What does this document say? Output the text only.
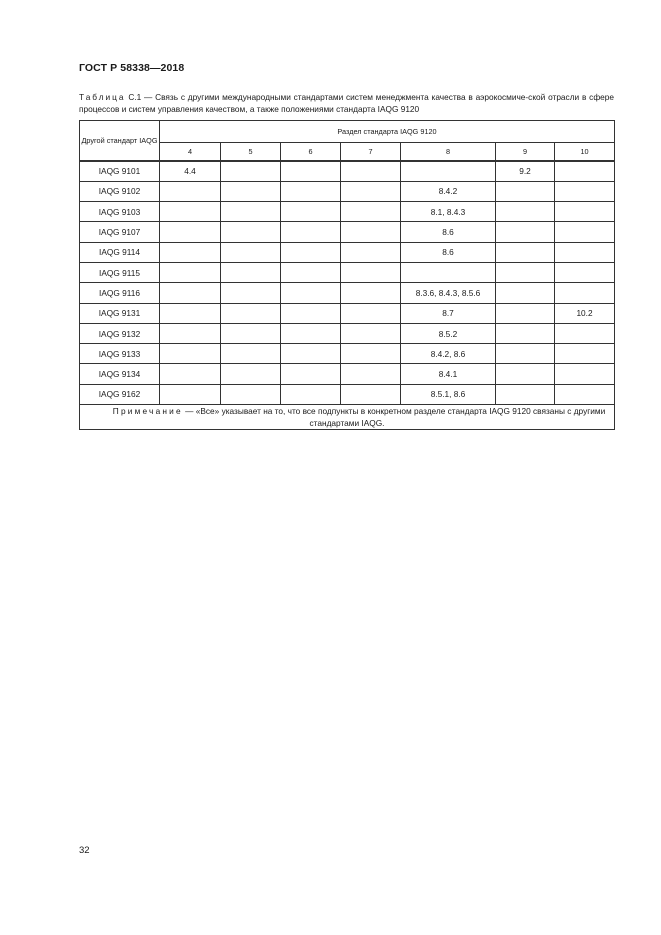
ГОСТ Р 58338—2018
Таблица С.1 — Связь с другими международными стандартами систем менеджмента качества в аэрокосмиче-ской отрасли в сфере процессов и систем управления качеством, а также положениями стандарта IAQG 9120
Другой стандарт IAQG	Раздел стандарта IAQG 9120						
	4	5	6	7	8	9	10
IAQG 9101	4.4					9.2	
IAQG 9102					8.4.2		
IAQG 9103					8.1, 8.4.3		
IAQG 9107					8.6		
IAQG 9114					8.6		
IAQG 9115							
IAQG 9116					8.3.6, 8.4.3, 8.5.6		
IAQG 9131					8.7		10.2
IAQG 9132					8.5.2		
IAQG 9133					8.4.2, 8.6		
IAQG 9134					8.4.1		
IAQG 9162					8.5.1, 8.6		
Примечание — «Все» указывает на то, что все подпункты в конкретном разделе стандарта IAQG 9120 связаны с другими стандартами IAQG.							
32
